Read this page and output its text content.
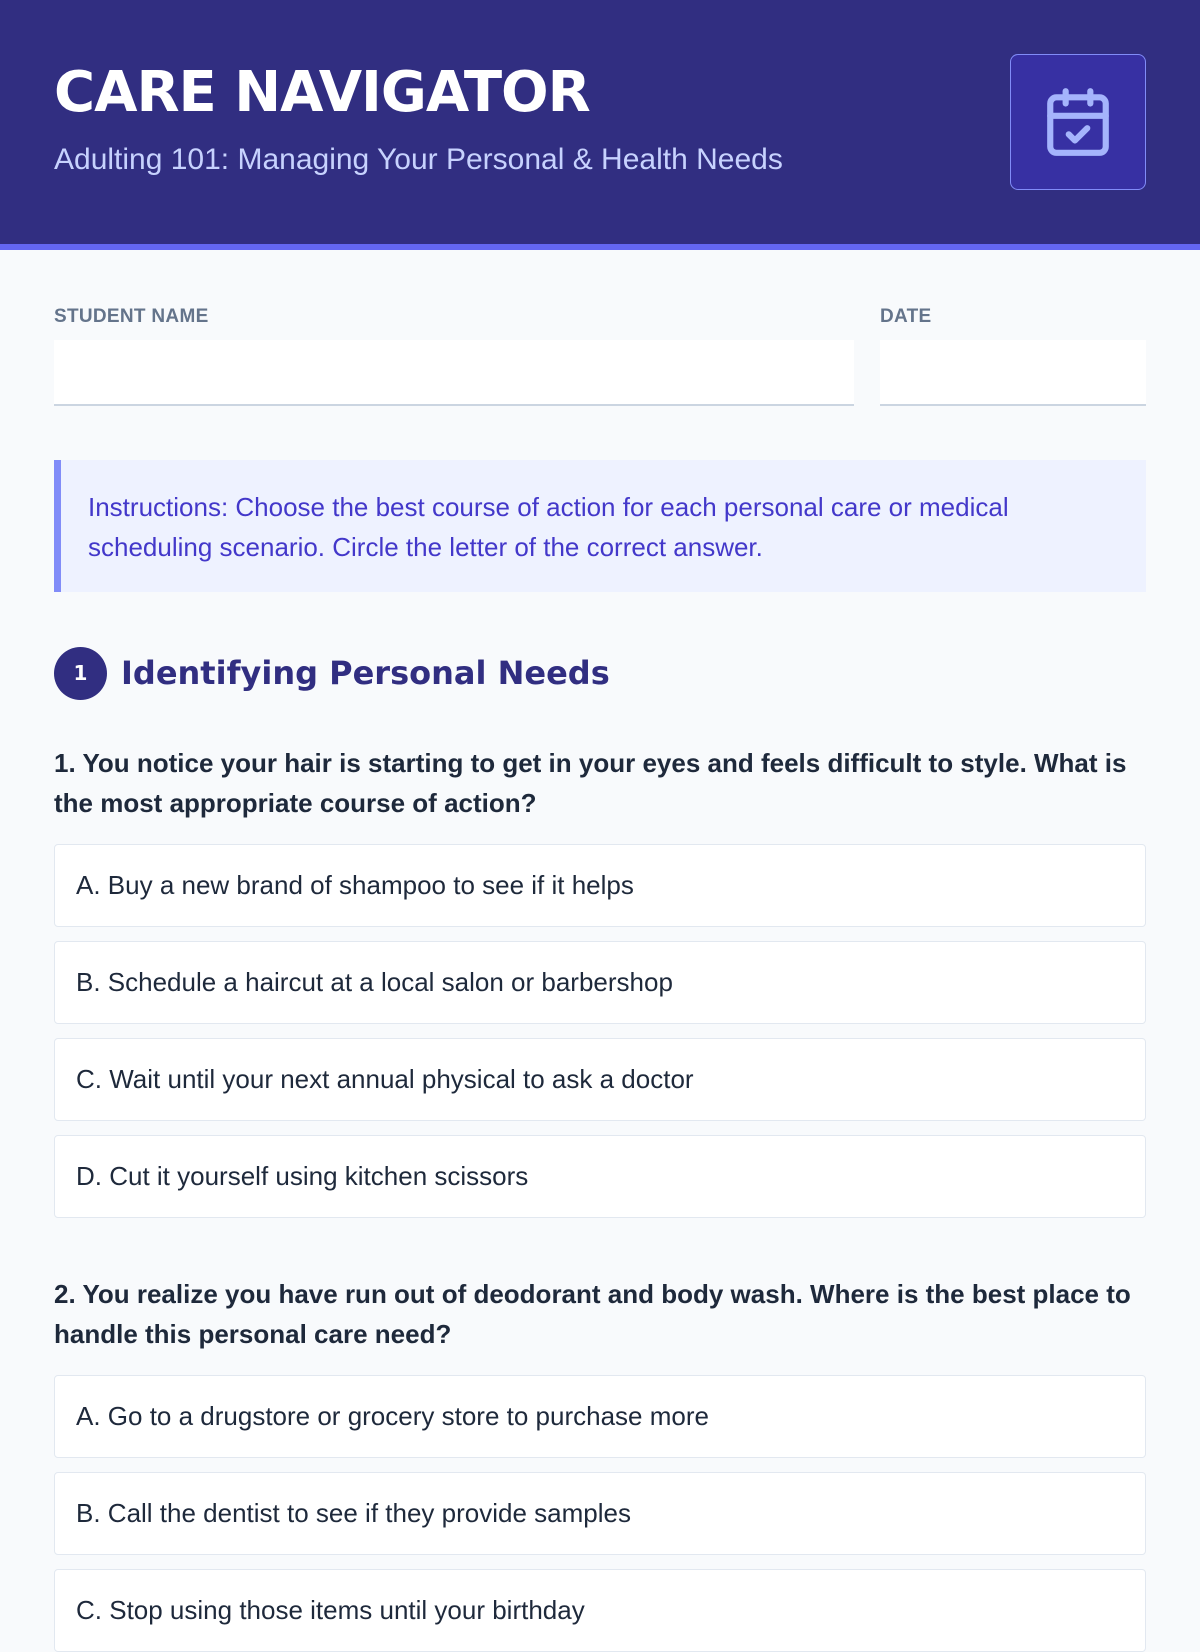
CARE NAVIGATOR
Adulting 101: Managing Your Personal & Health Needs
STUDENT NAME	DATE
Instructions: Choose the best course of action for each personal care or medical scheduling scenario. Circle the letter of the correct answer.
1	Identifying Personal Needs
1. You notice your hair is starting to get in your eyes and feels difficult to style. What is the most appropriate course of action?
A. Buy a new brand of shampoo to see if it helps
B. Schedule a haircut at a local salon or barbershop
C. Wait until your next annual physical to ask a doctor
D. Cut it yourself using kitchen scissors
2. You realize you have run out of deodorant and body wash. Where is the best place to handle this personal care need?
A. Go to a drugstore or grocery store to purchase more
B. Call the dentist to see if they provide samples
C. Stop using those items until your birthday
